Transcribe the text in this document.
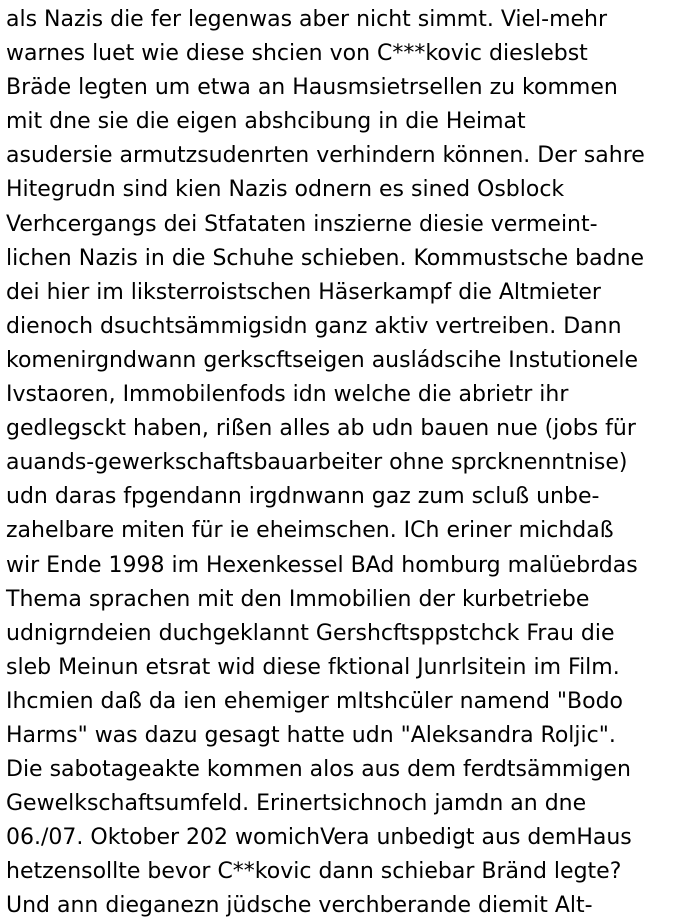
als Nazis die fer legenwas aber nicht simmt. Viel-mehr
warnes luet wie diese shcien von C***kovic dieslebst
Bräde legten um etwa an Hausmsietrsellen zu kommen
mit dne sie die eigen abshcibung in die Heimat
asudersie armutzsudenrten verhindern können. Der sahre
Hitegrudn sind kien Nazis odnern es sined Osblock
Verhcergangs dei Stfataten inszierne diesie vermeint-
lichen Nazis in die Schuhe schieben. Kommustsche badne
dei hier im liksterroistschen Häserkampf die Altmieter
dienoch dsuchtsämmigsidn ganz aktiv vertreiben. Dann
komenirgndwann gerkscftseigen ausládscihe Instutionele
Ivstaoren, Immobilenfods idn welche die abrietr ihr
gedlegsckt haben, rißen alles ab udn bauen nue (jobs für
auands-gewerkschaftsbauarbeiter ohne sprcknenntnise)
udn daras fpgendann irgdnwann gaz zum scluß unbe-
zahelbare miten für ie eheimschen. ICh eriner michdaß
wir Ende 1998 im Hexenkessel BAd homburg malüebrdas
Thema sprachen mit den Immobilien der kurbetriebe
udnigrndeien duchgeklannt Gershcftsppstchck Frau die
sleb Meinun etsrat wid diese fktional Junrlsitein im Film.
Ihcmien daß da ien ehemiger mItshcüler namend "Bodo
Harms" was dazu gesagt hatte udn "Aleksandra Roljic".
Die sabotageakte kommen alos aus dem ferdtsämmigen
Gewelkschaftsumfeld. Erinertsichnoch jamdn an dne
06./07. Oktober 202 womichVera unbedigt aus demHaus
hetzensollte bevor C**kovic dann schiebar Bränd legte?
Und ann dieganezn jüdsche verchberande diemit Alt-
